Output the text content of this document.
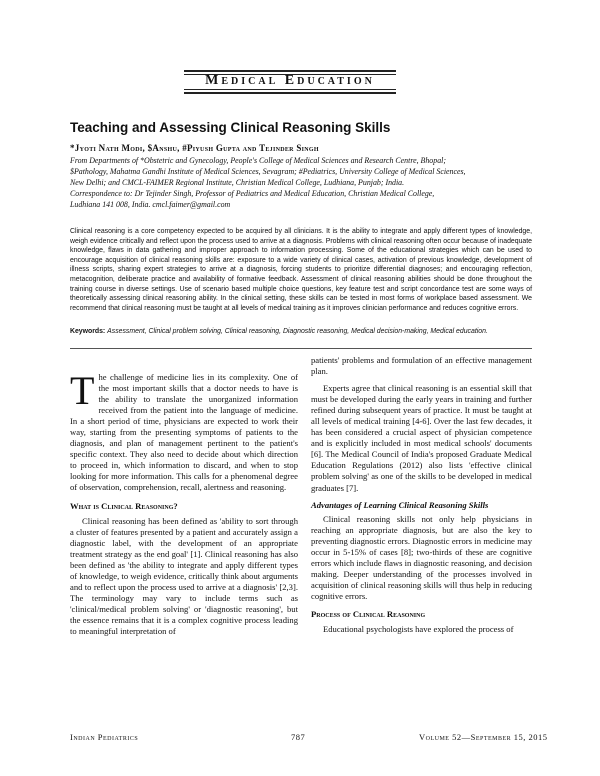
Medical Education
Teaching and Assessing Clinical Reasoning Skills
*Jyoti Nath Modi, $Anshu, #Piyush Gupta and Tejinder Singh
From Departments of *Obstetric and Gynecology, People's College of Medical Sciences and Research Centre, Bhopal;
$Pathology, Mahatma Gandhi Institute of Medical Sciences, Sevagram; #Pediatrics, University College of Medical Sciences,
New Delhi; and CMCL-FAIMER Regional Institute, Christian Medical College, Ludhiana, Punjab; India.
Correspondence to: Dr Tejinder Singh, Professor of Pediatrics and Medical Education, Christian Medical College,
Ludhiana 141 008, India. cmcl.faimer@gmail.com
Clinical reasoning is a core competency expected to be acquired by all clinicians. It is the ability to integrate and apply different types of knowledge, weigh evidence critically and reflect upon the process used to arrive at a diagnosis. Problems with clinical reasoning often occur because of inadequate knowledge, flaws in data gathering and improper approach to information processing. Some of the educational strategies which can be used to encourage acquisition of clinical reasoning skills are: exposure to a wide variety of clinical cases, activation of previous knowledge, development of illness scripts, sharing expert strategies to arrive at a diagnosis, forcing students to prioritize differential diagnoses; and encouraging reflection, metacognition, deliberate practice and availability of formative feedback. Assessment of clinical reasoning abilities should be done throughout the training course in diverse settings. Use of scenario based multiple choice questions, key feature test and script concordance test are some ways of theoretically assessing clinical reasoning ability. In the clinical setting, these skills can be tested in most forms of workplace based assessment. We recommend that clinical reasoning must be taught at all levels of medical training as it improves clinician performance and reduces cognitive errors.
Keywords: Assessment, Clinical problem solving, Clinical reasoning, Diagnostic reasoning, Medical decision-making, Medical education.

The challenge of medicine lies in its complexity. One of the most important skills that a doctor needs to have is the ability to translate the unorganized information received from the patient into the language of medicine. In a short period of time, physicians are expected to work their way, starting from the presenting symptoms of patients to the diagnosis, and plan of management pertinent to the patient's specific context. They also need to decide about which direction to proceed in, which information to discard, and when to stop looking for more information. This calls for a phenomenal degree of observation, comprehension, recall, alertness and reasoning.

What is Clinical Reasoning?

Clinical reasoning has been defined as 'ability to sort through a cluster of features presented by a patient and accurately assign a diagnostic label, with the development of an appropriate treatment strategy as the end goal' [1]. Clinical reasoning has also been defined as 'the ability to integrate and apply different types of knowledge, to weigh evidence, critically think about arguments and to reflect upon the process used to arrive at a diagnosis' [2,3]. The terminology may vary to include terms such as 'clinical/medical problem solving' or 'diagnostic reasoning', but the essence remains that it is a complex cognitive process leading to meaningful interpretation of

patients' problems and formulation of an effective management plan.

Experts agree that clinical reasoning is an essential skill that must be developed during the early years in training and further refined during subsequent years of practice. It must be taught at all levels of medical training [4-6]. Over the last few decades, it has been considered a crucial aspect of physician competence and is explicitly included in most medical schools' documents [6]. The Medical Council of India's proposed Graduate Medical Education Regulations (2012) also lists 'effective clinical problem solving' as one of the skills to be developed in medical graduates [7].

Advantages of Learning Clinical Reasoning Skills

Clinical reasoning skills not only help physicians in reaching an appropriate diagnosis, but are also the key to preventing diagnostic errors. Diagnostic errors in medicine may occur in 5-15% of cases [8]; two-thirds of these are cognitive errors which include flaws in diagnostic reasoning, and decision making. Deeper understanding of the processes involved in acquisition of clinical reasoning skills will thus help in reducing cognitive errors.

Process of Clinical Reasoning

Educational psychologists have explored the process of

Indian Pediatrics	787	Volume 52—September 15, 2015
